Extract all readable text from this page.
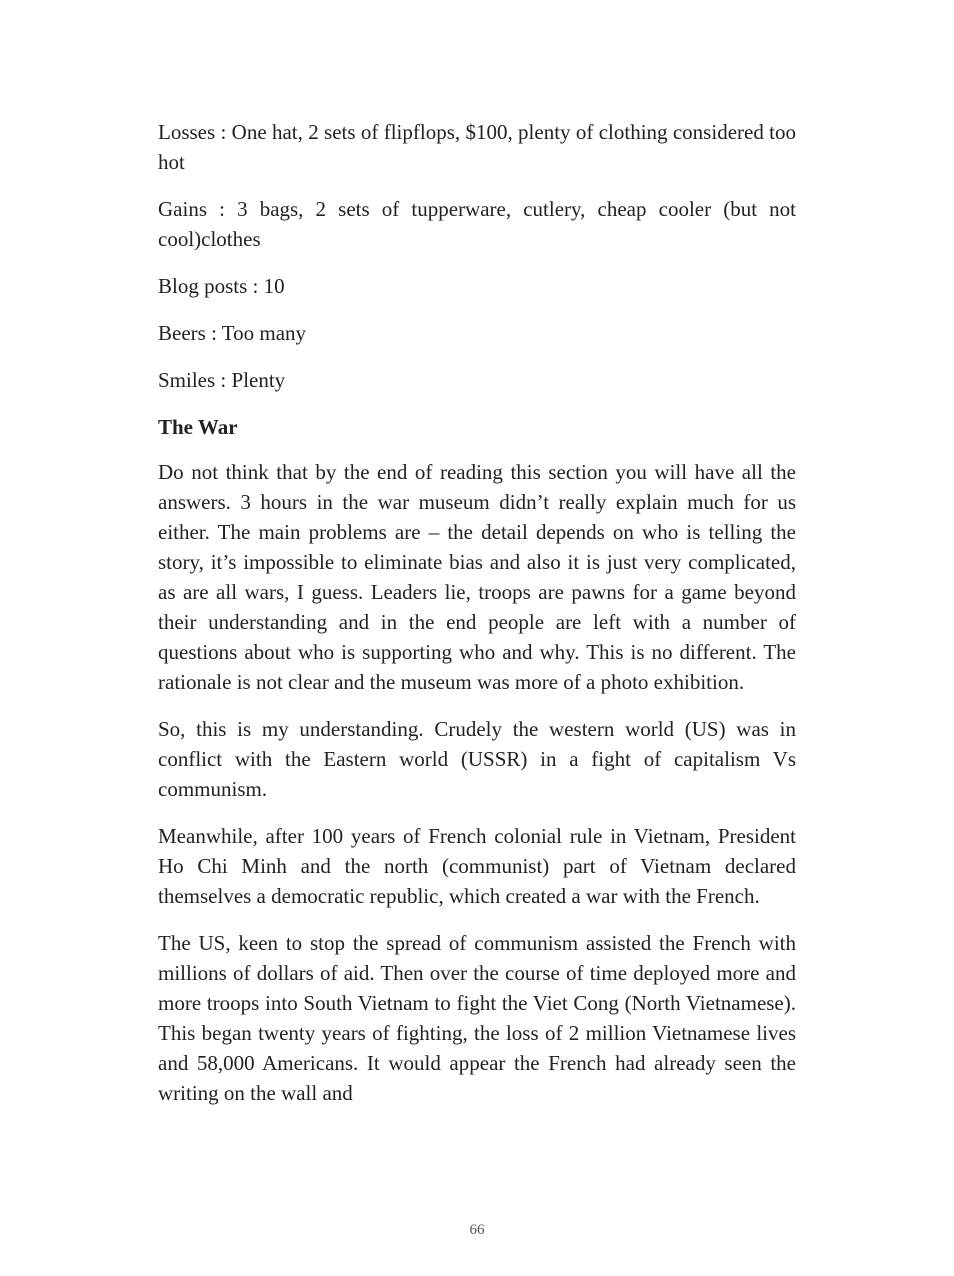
Losses : One hat, 2 sets of flipflops, $100, plenty of clothing considered too hot

Gains : 3 bags, 2 sets of tupperware, cutlery, cheap cooler (but not cool)clothes

Blog posts : 10

Beers : Too many

Smiles : Plenty

The War

Do not think that by the end of reading this section you will have all the answers. 3 hours in the war museum didn’t really explain much for us either. The main problems are – the detail depends on who is telling the story, it’s impossible to eliminate bias and also it is just very complicated, as are all wars, I guess. Leaders lie, troops are pawns for a game beyond their understanding and in the end people are left with a number of questions about who is supporting who and why. This is no different. The rationale is not clear and the museum was more of a photo exhibition.

So, this is my understanding. Crudely the western world (US) was in conflict with the Eastern world (USSR) in a fight of capitalism Vs communism.

Meanwhile, after 100 years of French colonial rule in Vietnam, President Ho Chi Minh and the north (communist) part of Vietnam declared themselves a democratic republic, which created a war with the French.

The US, keen to stop the spread of communism assisted the French with millions of dollars of aid. Then over the course of time deployed more and more troops into South Vietnam to fight the Viet Cong (North Vietnamese). This began twenty years of fighting, the loss of 2 million Vietnamese lives and 58,000 Americans. It would appear the French had already seen the writing on the wall and

66
